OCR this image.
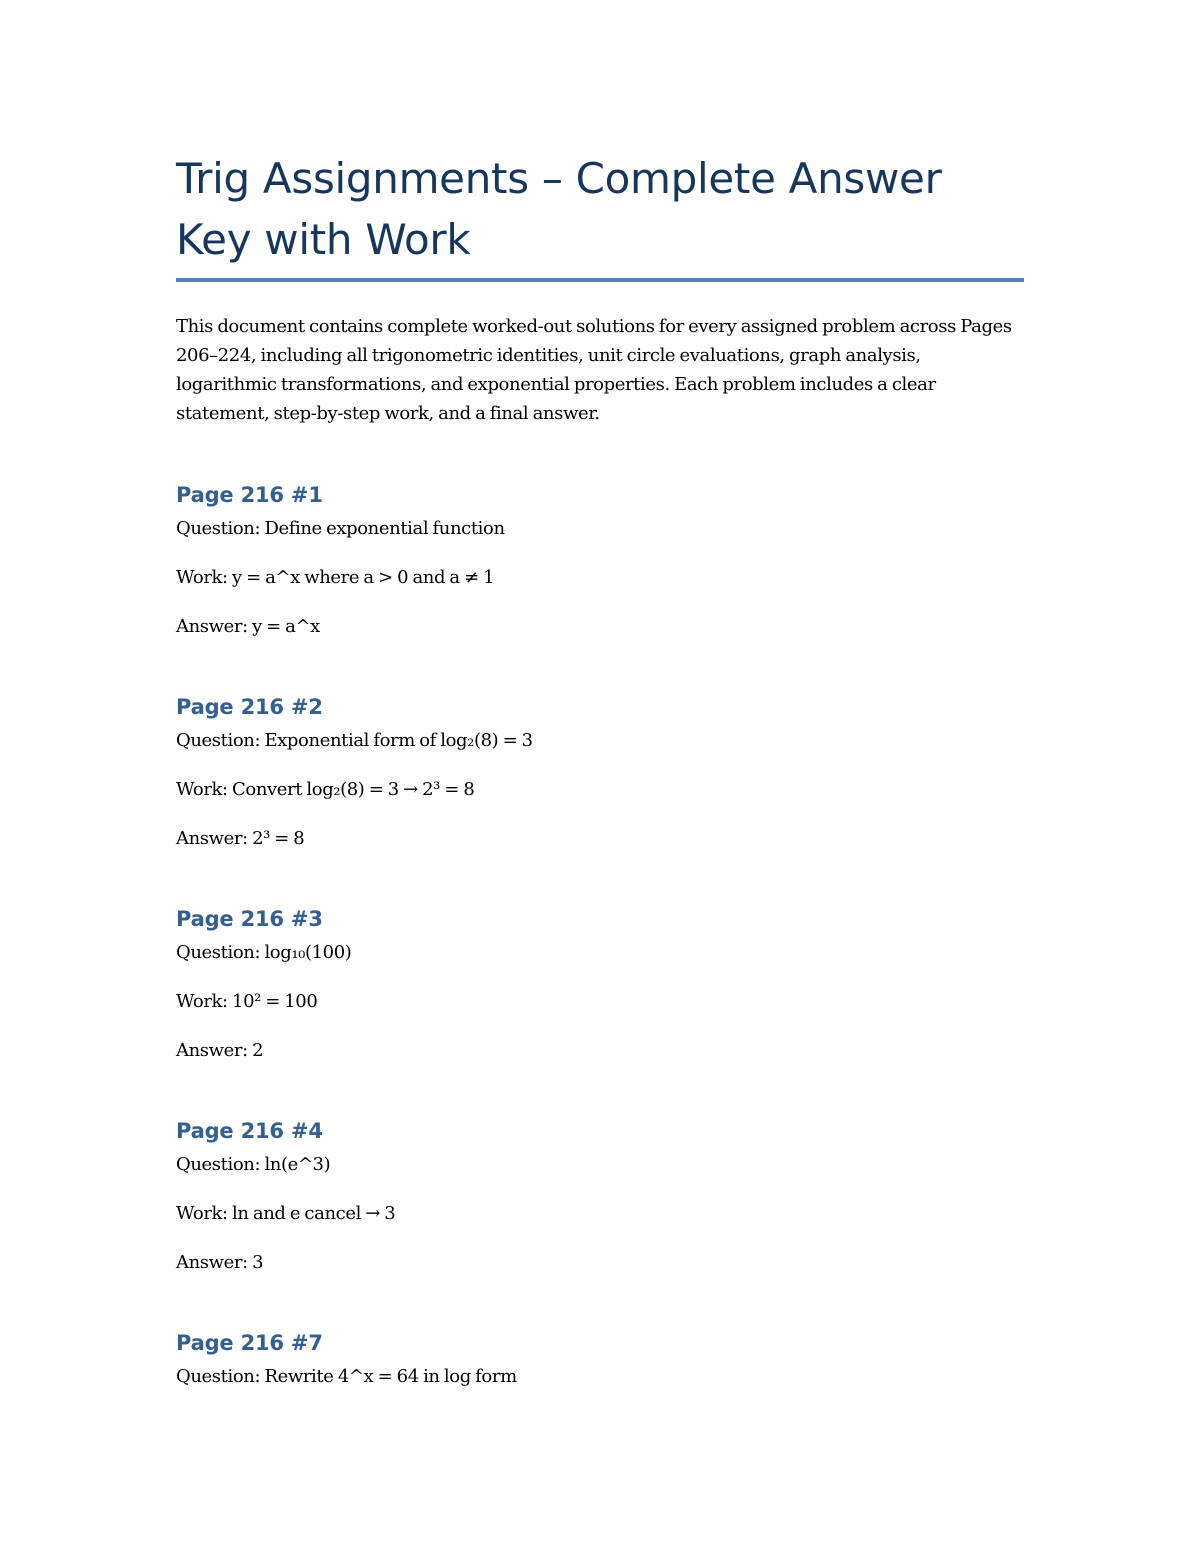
Trig Assignments – Complete Answer
Key with Work

This document contains complete worked-out solutions for every assigned problem across Pages 206–224, including all trigonometric identities, unit circle evaluations, graph analysis, logarithmic transformations, and exponential properties. Each problem includes a clear statement, step-by-step work, and a final answer.

Page 216 #1

Question: Define exponential function

Work: y = a^x where a > 0 and a ≠ 1

Answer: y = a^x

Page 216 #2

Question: Exponential form of log₂(8) = 3

Work: Convert log₂(8) = 3 → 2³ = 8

Answer: 2³ = 8

Page 216 #3

Question: log₁₀(100)

Work: 10² = 100

Answer: 2

Page 216 #4

Question: ln(e^3)

Work: ln and e cancel → 3

Answer: 3

Page 216 #7

Question: Rewrite 4^x = 64 in log form
